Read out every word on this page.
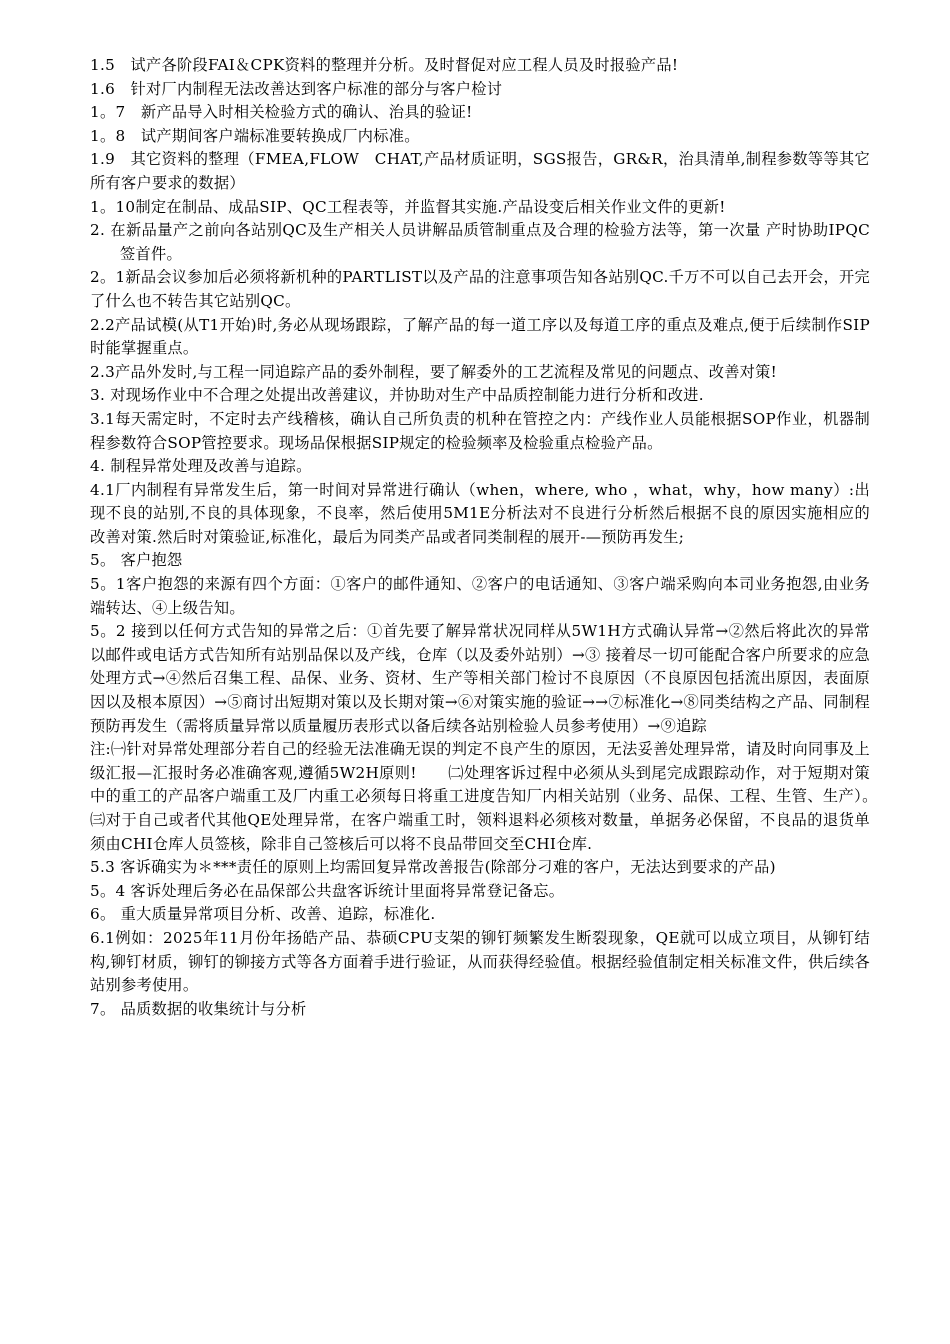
1.5　试产各阶段FAI＆CPK资料的整理并分析。及时督促对应工程人员及时报验产品!

1.6　针对厂内制程无法改善达到客户标准的部分与客户检讨

1。7　新产品导入时相关检验方式的确认、治具的验证!

1。8　试产期间客户端标准要转换成厂内标准。

1.9　其它资料的整理（FMEA,FLOW　CHAT,产品材质证明，SGS报告，GR&R，治具清单,制程参数等等其它所有客户要求的数据）

1。10制定在制品、成品SIP、QC工程表等，并监督其实施.产品设变后相关作业文件的更新!

2. 在新品量产之前向各站别QC及生产相关人员讲解品质管制重点及合理的检验方法等，第一次量 产时协助IPQC签首件。

2。1新品会议参加后必须将新机种的PARTLIST以及产品的注意事项告知各站别QC.千万不可以自己去开会，开完了什么也不转告其它站别QC。

2.2产品试模(从T1开始)时,务必从现场跟踪，了解产品的每一道工序以及每道工序的重点及难点,便于后续制作SIP时能掌握重点。

2.3产品外发时,与工程一同追踪产品的委外制程，要了解委外的工艺流程及常见的问题点、改善对策!

3. 对现场作业中不合理之处提出改善建议，并协助对生产中品质控制能力进行分析和改进.

3.1每天需定时，不定时去产线稽核，确认自己所负责的机种在管控之内：产线作业人员能根据SOP作业，机器制程参数符合SOP管控要求。现场品保根据SIP规定的检验频率及检验重点检验产品。

4. 制程异常处理及改善与追踪。

4.1厂内制程有异常发生后，第一时间对异常进行确认（when，where, who ，what，why，how many）:出现不良的站别,不良的具体现象，不良率，然后使用5M1E分析法对不良进行分析然后根据不良的原因实施相应的改善对策.然后时对策验证,标准化，最后为同类产品或者同类制程的展开-—预防再发生;

5。 客户抱怨

5。1客户抱怨的来源有四个方面：①客户的邮件通知、②客户的电话通知、③客户端采购向本司业务抱怨,由业务端转达、④上级告知。

5。2 接到以任何方式告知的异常之后：①首先要了解异常状况同样从5W1H方式确认异常→②然后将此次的异常以邮件或电话方式告知所有站别品保以及产线，仓库（以及委外站别）→③ 接着尽一切可能配合客户所要求的应急处理方式→④然后召集工程、品保、业务、资材、生产等相关部门检讨不良原因（不良原因包括流出原因，表面原因以及根本原因）→⑤商讨出短期对策以及长期对策→⑥对策实施的验证→→⑦标准化→⑧同类结构之产品、同制程预防再发生（需将质量异常以质量履历表形式以备后续各站别检验人员参考使用）→⑨追踪

注:㈠针对异常处理部分若自己的经验无法准确无误的判定不良产生的原因，无法妥善处理异常，请及时向同事及上级汇报—汇报时务必准确客观,遵循5W2H原则!　　㈡处理客诉过程中必须从头到尾完成跟踪动作，对于短期对策中的重工的产品客户端重工及厂内重工必须每日将重工进度告知厂内相关站别（业务、品保、工程、生管、生产）。　　㈢对于自己或者代其他QE处理异常，在客户端重工时，领料退料必须核对数量，单据务必保留，不良品的退货单须由CHI仓库人员签核，除非自己签核后可以将不良品带回交至CHI仓库.

5.3 客诉确实为＊***责任的原则上均需回复异常改善报告(除部分刁难的客户，无法达到要求的产品)

5。4 客诉处理后务必在品保部公共盘客诉统计里面将异常登记备忘。

6。 重大质量异常项目分析、改善、追踪，标准化.

6.1例如：2025年11月份年扬皓产品、恭硕CPU支架的铆钉频繁发生断裂现象，QE就可以成立项目，从铆钉结构,铆钉材质，铆钉的铆接方式等各方面着手进行验证，从而获得经验值。根据经验值制定相关标准文件，供后续各站别参考使用。

7。 品质数据的收集统计与分析
